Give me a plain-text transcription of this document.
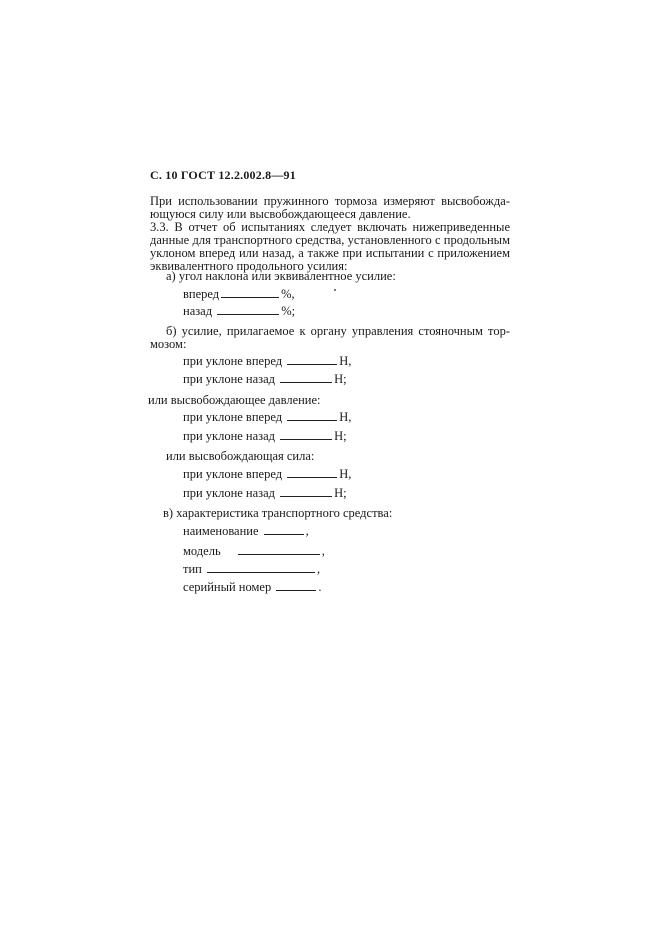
С. 10 ГОСТ 12.2.002.8—91
При использовании пружинного тормоза измеряют высвобожда-
ющуюся силу или высвобождающееся давление.
3.3. В отчет об испытаниях следует включать нижеприведенные
данные для транспортного средства, установленного с продольным
уклоном вперед или назад, а также при испытании с приложением
эквивалентного продольного усилия:
а) угол наклона или эквивалентное усилие:
вперед	%,
назад	%;
б) усилие, прилагаемое к органу управления стояночным тор-
мозом:
при уклоне вперед	Н,
при уклоне назад	Н;
или высвобождающее давление:
при уклоне вперед	Н,
при уклоне назад	Н;
или высвобождающая сила:
при уклоне вперед	Н,
при уклоне назад	Н;
в) характеристика транспортного средства:
наименование	,
модель	,
тип	,
серийный номер	.
